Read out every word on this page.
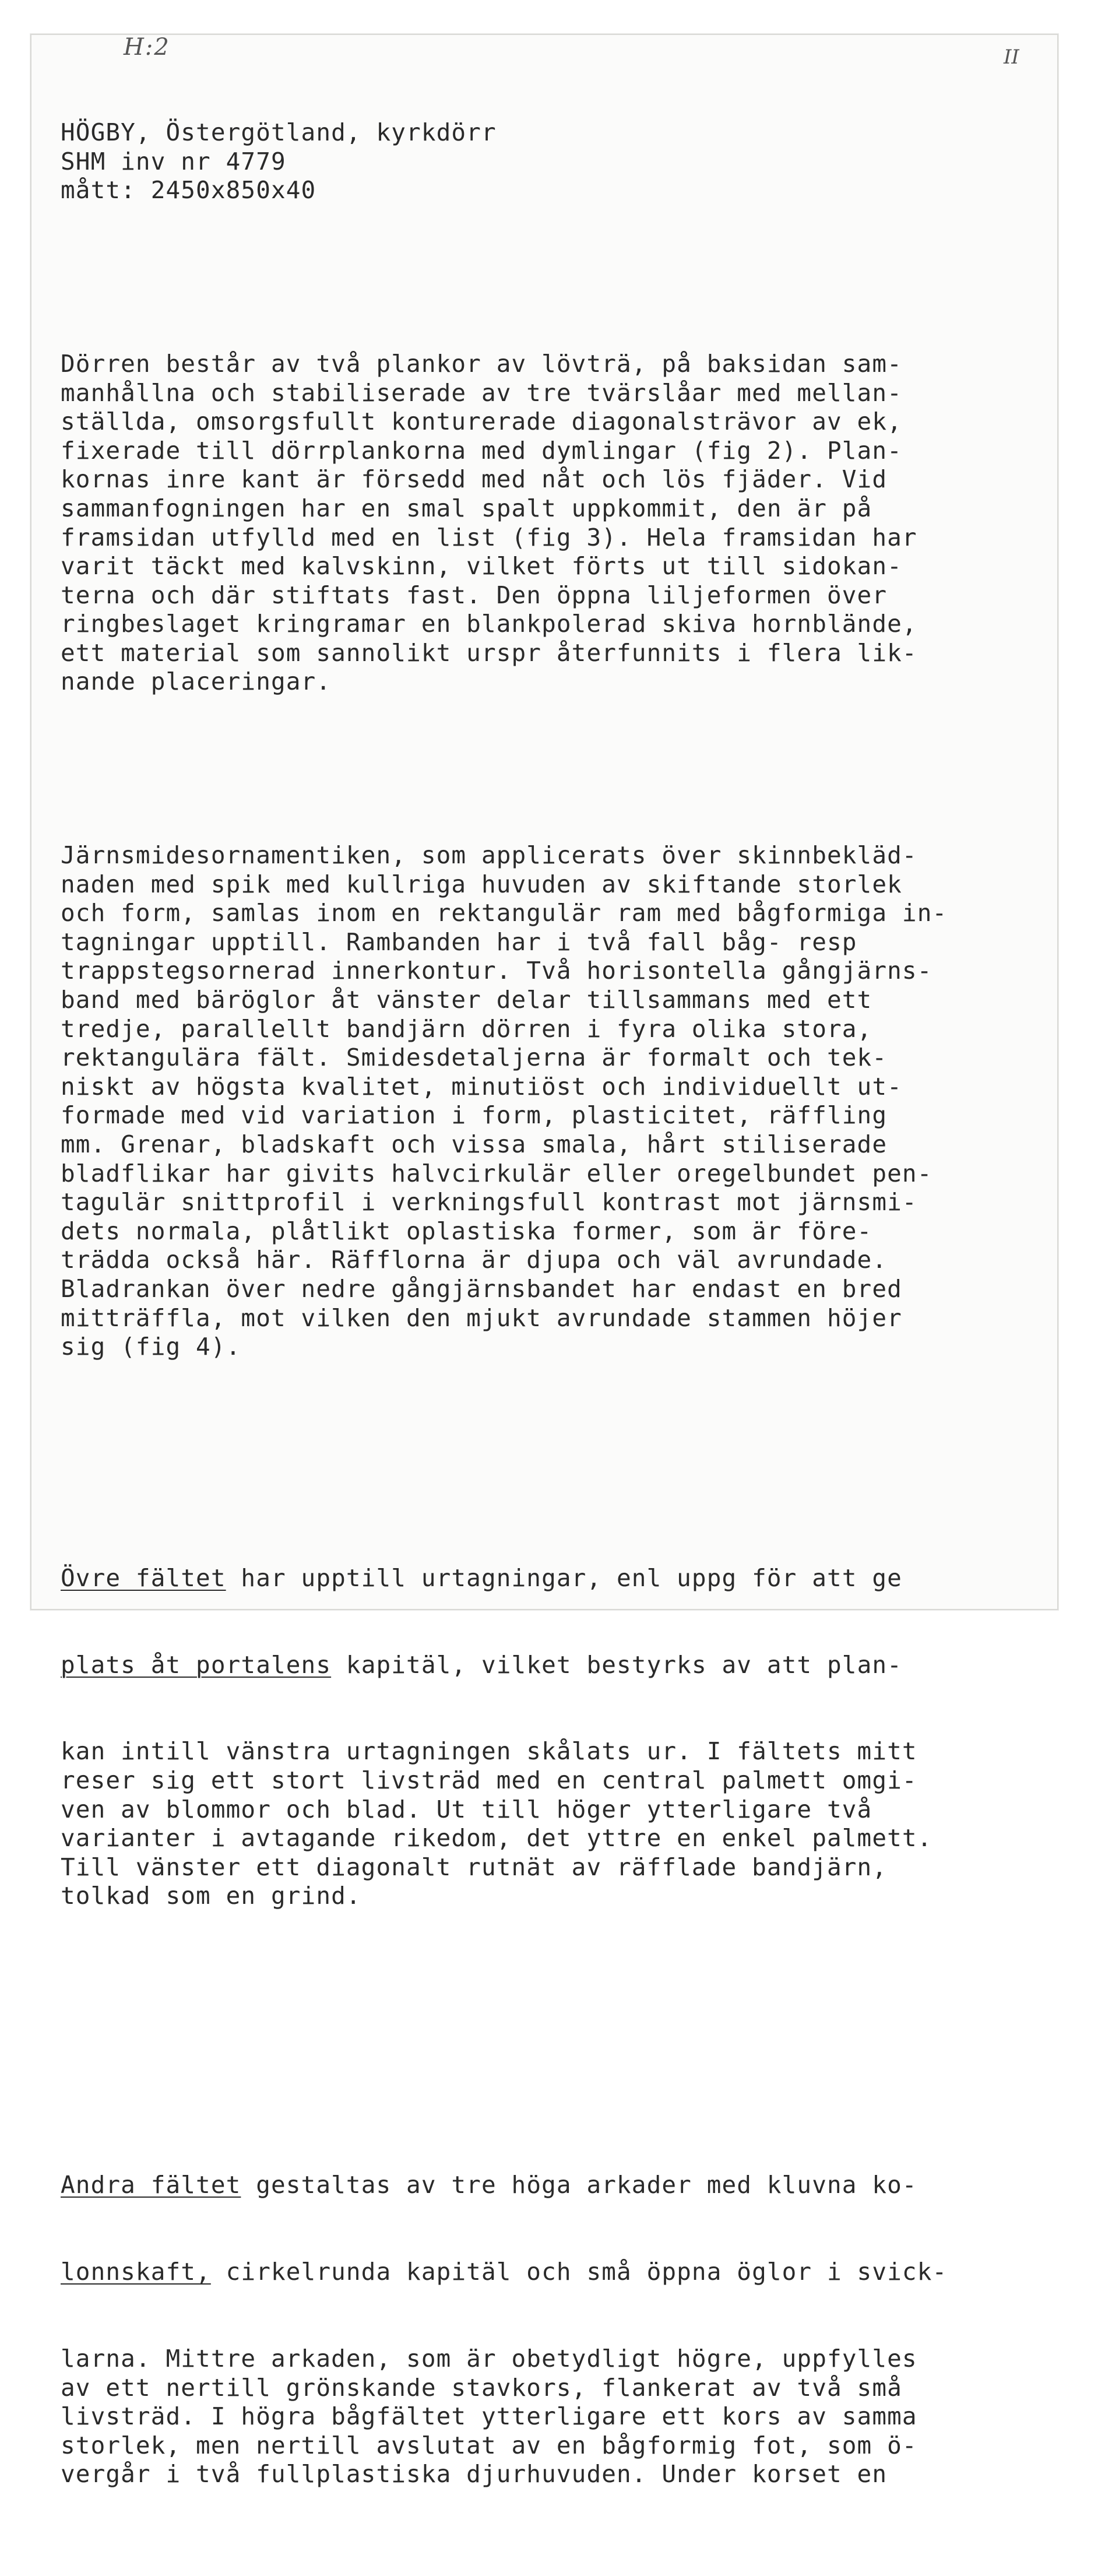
H:2	II

HÖGBY, Östergötland, kyrkdörr
SHM inv nr 4779
mått: 2450x850x40

Dörren består av två plankor av lövträ, på baksidan sam-
manhållna och stabiliserade av tre tvärslåar med mellan-
ställda, omsorgsfullt konturerade diagonalsträvor av ek,
fixerade till dörrplankorna med dymlingar (fig 2). Plan-
kornas inre kant är försedd med nåt och lös fjäder. Vid
sammanfogningen har en smal spalt uppkommit, den är på
framsidan utfylld med en list (fig 3). Hela framsidan har
varit täckt med kalvskinn, vilket förts ut till sidokan-
terna och där stiftats fast. Den öppna liljeformen över
ringbeslaget kringramar en blankpolerad skiva hornblände,
ett material som sannolikt urspr återfunnits i flera lik-
nande placeringar.

Järnsmidesornamentiken, som applicerats över skinnbekläd-
naden med spik med kullriga huvuden av skiftande storlek
och form, samlas inom en rektangulär ram med bågformiga in-
tagningar upptill. Rambanden har i två fall båg- resp
trappstegsornerad innerkontur. Två horisontella gångjärns-
band med bäröglor åt vänster delar tillsammans med ett
tredje, parallellt bandjärn dörren i fyra olika stora,
rektangulära fält. Smidesdetaljerna är formalt och tek-
niskt av högsta kvalitet, minutiöst och individuellt ut-
formade med vid variation i form, plasticitet, räffling
mm. Grenar, bladskaft och vissa smala, hårt stiliserade
bladflikar har givits halvcirkulär eller oregelbundet pen-
tagulär snittprofil i verkningsfull kontrast mot järnsmi-
dets normala, plåtlikt oplastiska former, som är före-
trädda också här. Räfflorna är djupa och väl avrundade.
Bladrankan över nedre gångjärnsbandet har endast en bred
mitträffla, mot vilken den mjukt avrundade stammen höjer
sig (fig 4).

Övre fältet har upptill urtagningar, enl uppg för att ge

plats åt portalens kapitäl, vilket bestyrks av att plan-

kan intill vänstra urtagningen skålats ur. I fältets mitt
reser sig ett stort livsträd med en central palmett omgi-
ven av blommor och blad. Ut till höger ytterligare två
varianter i avtagande rikedom, det yttre en enkel palmett.
Till vänster ett diagonalt rutnät av räfflade bandjärn,
tolkad som en grind.

Andra fältet gestaltas av tre höga arkader med kluvna ko-

lonnskaft, cirkelrunda kapitäl och små öppna öglor i svick-

larna. Mittre arkaden, som är obetydligt högre, uppfylles
av ett nertill grönskande stavkors, flankerat av två små
livsträd. I högra bågfältet ytterligare ett kors av samma
storlek, men nertill avslutat av en bågformig fot, som ö-
vergår i två fullplastiska djurhuvuden. Under korset en
